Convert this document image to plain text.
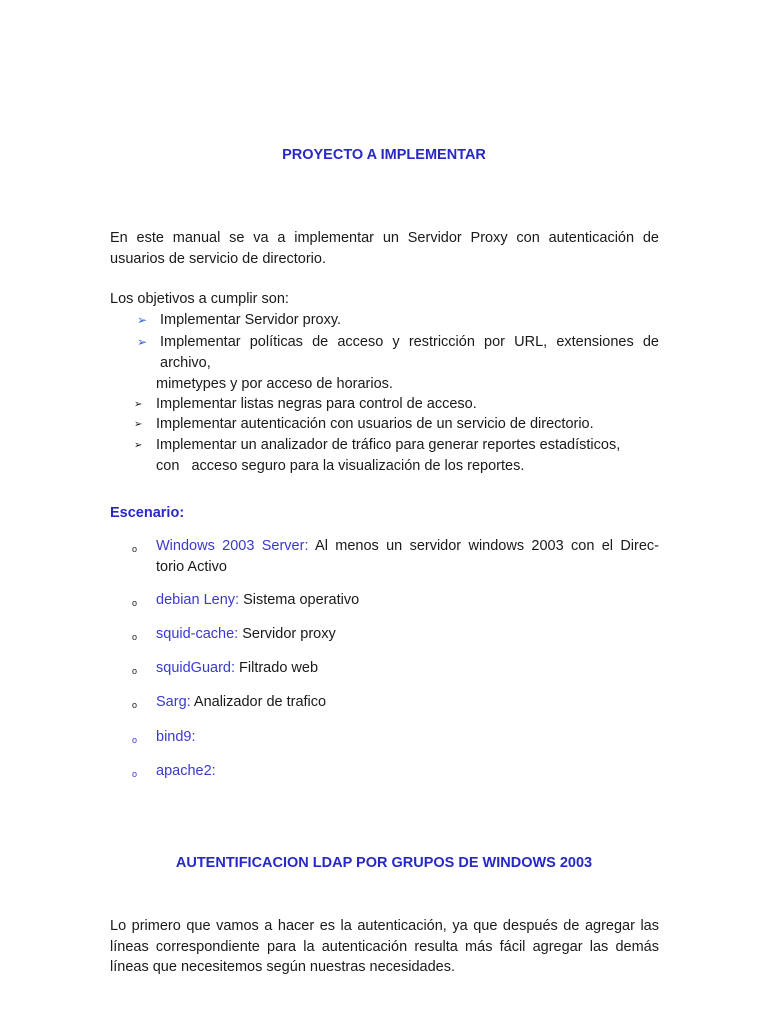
PROYECTO A IMPLEMENTAR
En este manual se va a implementar un Servidor Proxy con autenticación de usuarios de servicio de directorio.
Los objetivos a cumplir son:
➢ Implementar Servidor proxy.
➢ Implementar políticas de acceso y restricción por URL, extensiones de
archivo,
mimetypes y por acceso de horarios.
➢ Implementar listas negras para control de acceso.
➢ Implementar autenticación con usuarios de un servicio de directorio.
➢ Implementar un analizador de tráfico para generar reportes estadísticos,
con   acceso seguro para la visualización de los reportes.
Escenario:
o Windows 2003 Server: Al menos un servidor windows 2003 con el Direc-
torio Activo
o debian Leny: Sistema operativo
o squid-cache: Servidor proxy
o squidGuard: Filtrado web
o Sarg: Analizador de trafico
o bind9:
o apache2:
AUTENTIFICACION LDAP POR GRUPOS DE WINDOWS 2003
Lo primero que vamos a hacer es la autenticación, ya que después de agregar las líneas correspondiente para la autenticación resulta más fácil agregar las demás líneas que necesitemos según nuestras necesidades.
